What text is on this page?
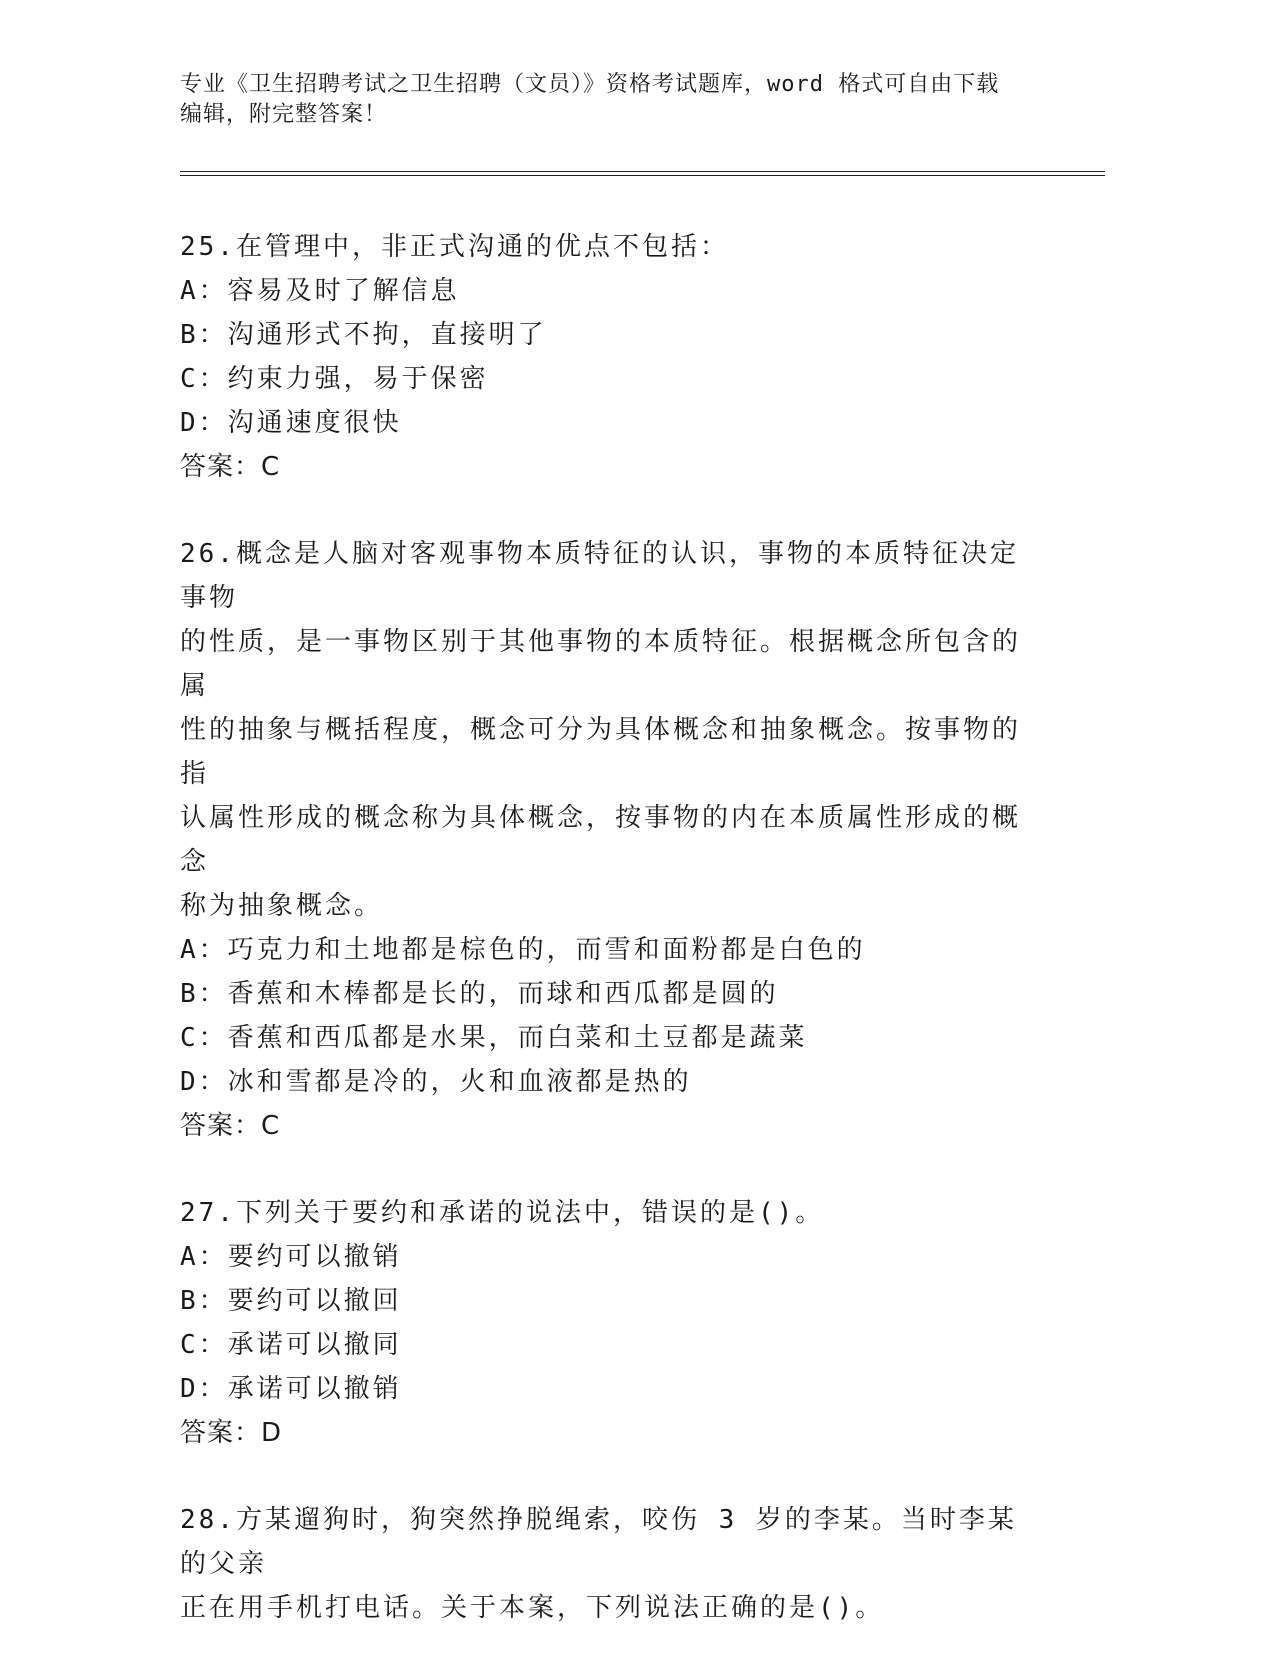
专业《卫生招聘考试之卫生招聘（文员）》资格考试题库，word 格式可自由下载
编辑，附完整答案！
25.在管理中，非正式沟通的优点不包括：
A：容易及时了解信息
B：沟通形式不拘，直接明了
C：约束力强，易于保密
D：沟通速度很快
答案：C
26.概念是人脑对客观事物本质特征的认识，事物的本质特征决定事物
的性质，是一事物区别于其他事物的本质特征。根据概念所包含的属
性的抽象与概括程度，概念可分为具体概念和抽象概念。按事物的指
认属性形成的概念称为具体概念，按事物的内在本质属性形成的概念
称为抽象概念。
A：巧克力和土地都是棕色的，而雪和面粉都是白色的
B：香蕉和木棒都是长的，而球和西瓜都是圆的
C：香蕉和西瓜都是水果，而白菜和土豆都是蔬菜
D：冰和雪都是冷的，火和血液都是热的
答案：C
27.下列关于要约和承诺的说法中，错误的是()。
A：要约可以撤销
B：要约可以撤回
C：承诺可以撤同
D：承诺可以撤销
答案：D
28.方某遛狗时，狗突然挣脱绳索，咬伤 3 岁的李某。当时李某的父亲
正在用手机打电话。关于本案，下列说法正确的是()。
